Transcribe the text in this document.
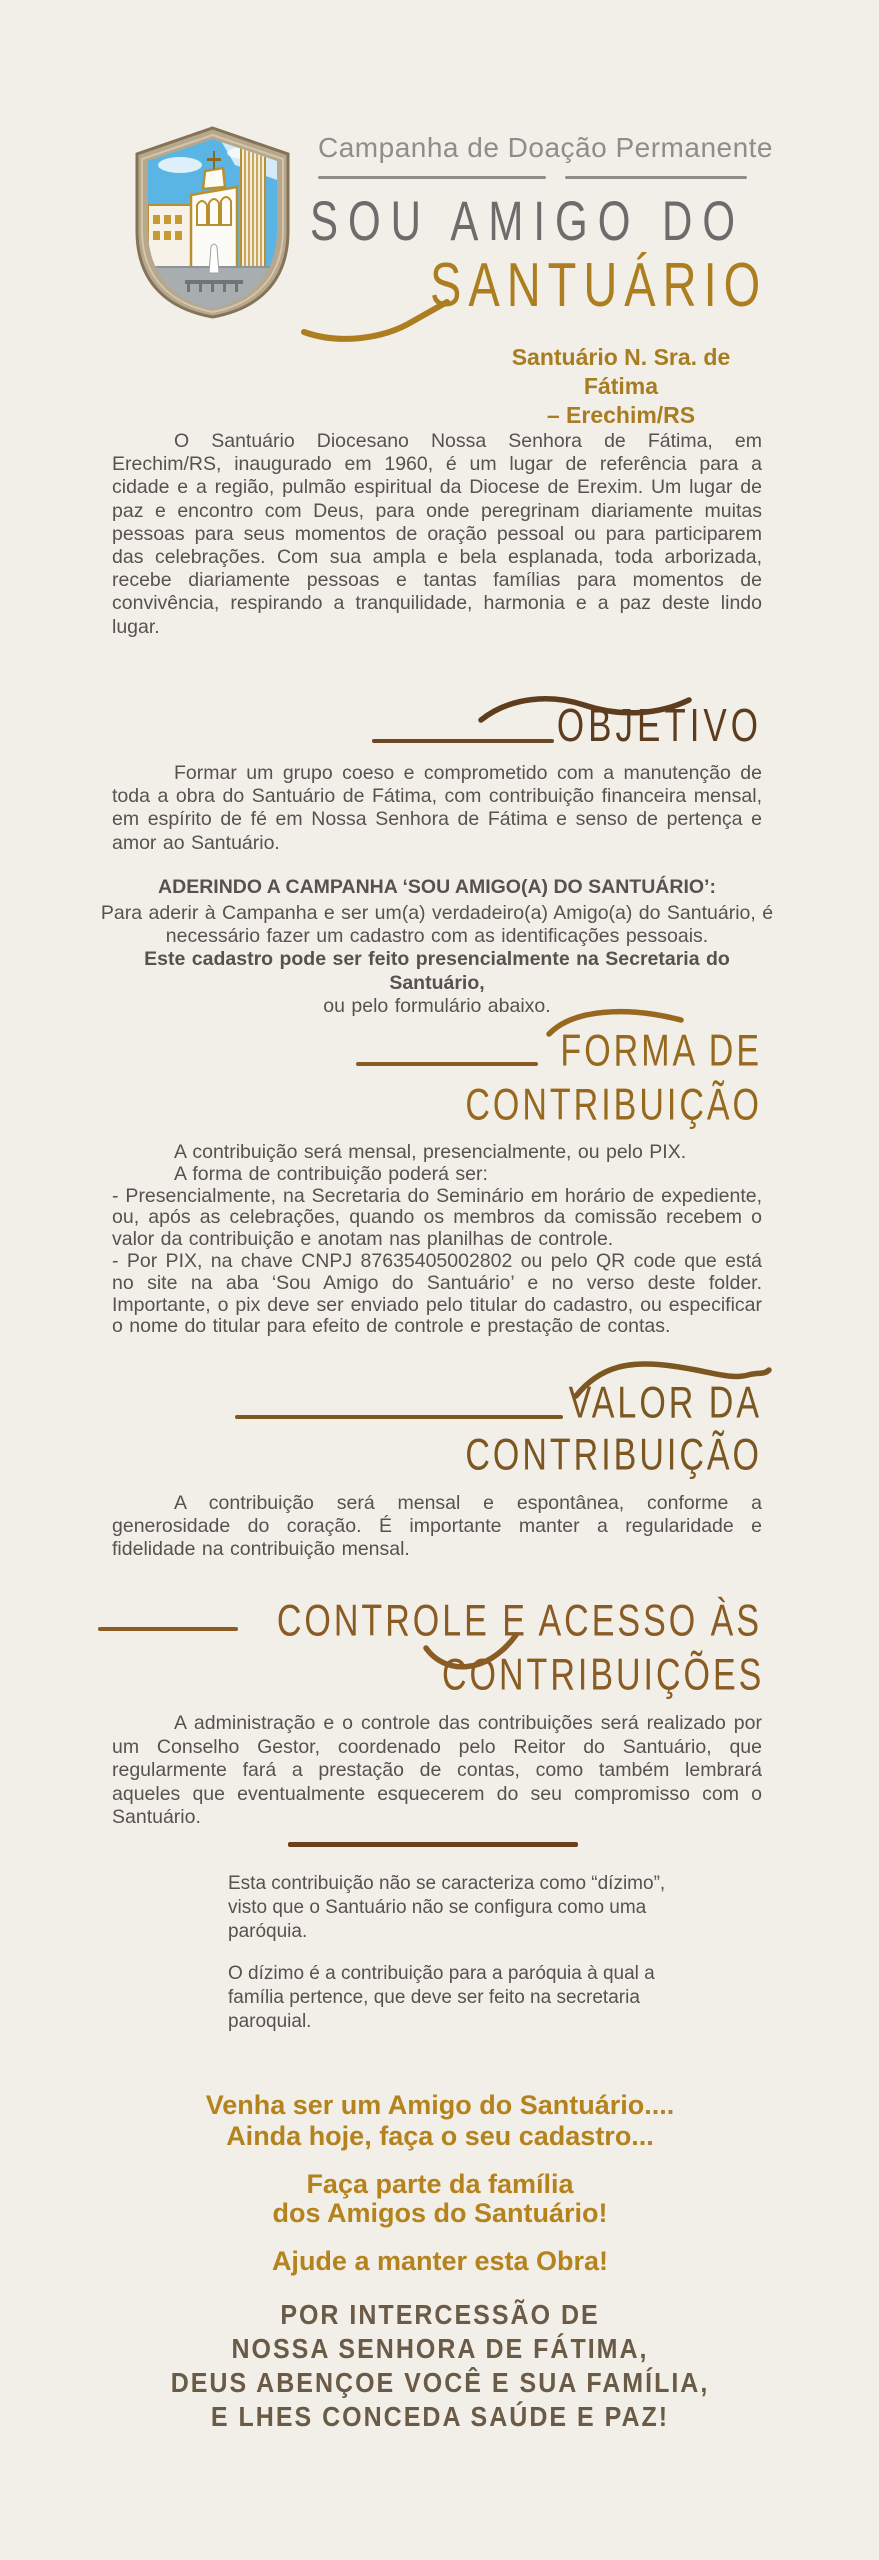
Campanha de Doação Permanente
SOU AMIGO DO
SANTUÁRIO
Santuário N. Sra. de Fátima
– Erechim/RS
O Santuário Diocesano Nossa Senhora de Fátima, em Erechim/RS, inaugurado em 1960, é um lugar de referência para a cidade e a região, pulmão espiritual da Diocese de Erexim. Um lugar de paz e encontro com Deus, para onde peregrinam diariamente muitas pessoas para seus momentos de oração pessoal ou para participarem das celebrações. Com sua ampla e bela esplanada, toda arborizada, recebe diariamente pessoas e tantas famílias para momentos de convivência, respirando a tranquilidade, harmonia e a paz deste lindo lugar.
OBJETIVO
Formar um grupo coeso e comprometido com a manutenção de toda a obra do Santuário de Fátima, com contribuição financeira mensal, em espírito de fé em Nossa Senhora de Fátima e senso de pertença e amor ao Santuário.
ADERINDO A CAMPANHA ‘SOU AMIGO(A) DO SANTUÁRIO’:
Para aderir à Campanha e ser um(a) verdadeiro(a) Amigo(a) do Santuário, é necessário fazer um cadastro com as identificações pessoais.
Este cadastro pode ser feito presencialmente na Secretaria do Santuário,
ou pelo formulário abaixo.
FORMA DE
CONTRIBUIÇÃO
A contribuição será mensal, presencialmente, ou pelo PIX.
A forma de contribuição poderá ser:
- Presencialmente, na Secretaria do Seminário em horário de expediente, ou, após as celebrações, quando os membros da comissão recebem o valor da contribuição e anotam nas planilhas de controle.
- Por PIX, na chave CNPJ 87635405002802 ou pelo QR code que está no site na aba ‘Sou Amigo do Santuário’ e no verso deste folder. Importante, o pix deve ser enviado pelo titular do cadastro, ou especificar o nome do titular para efeito de controle e prestação de contas.
VALOR DA
CONTRIBUIÇÃO
A contribuição será mensal e espontânea, conforme a generosidade do coração. É importante manter a regularidade e fidelidade na contribuição mensal.
CONTROLE E ACESSO ÀS
CONTRIBUIÇÕES
A administração e o controle das contribuições será realizado por um Conselho Gestor, coordenado pelo Reitor do Santuário, que regularmente fará a prestação de contas, como também lembrará aqueles que eventualmente esquecerem do seu compromisso com o Santuário.
Esta contribuição não se caracteriza como “dízimo”, visto que o Santuário não se configura como uma paróquia.
O dízimo é a contribuição para a paróquia à qual a família pertence, que deve ser feito na secretaria paroquial.
Venha ser um Amigo do Santuário....
Ainda hoje, faça o seu cadastro...
Faça parte da família
dos Amigos do Santuário!
Ajude a manter esta Obra!
POR INTERCESSÃO DE
NOSSA SENHORA DE FÁTIMA,
DEUS ABENÇOE VOCÊ E SUA FAMÍLIA,
E LHES CONCEDA SAÚDE E PAZ!
